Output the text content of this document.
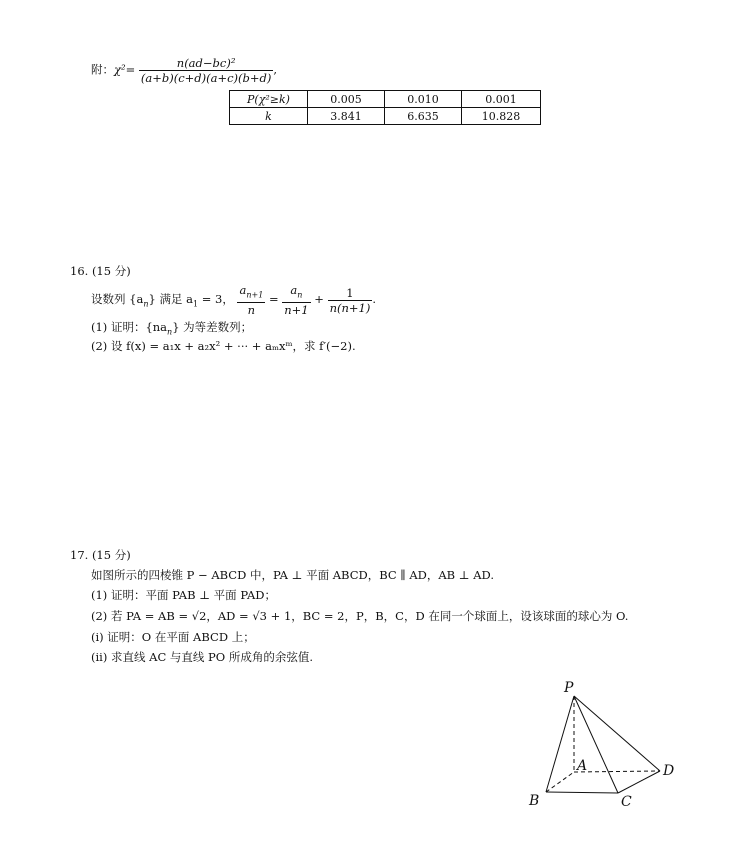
附：$\chi^2= \frac{\text{n(ad−bc)²}}{(a+b)(c+d)(a+c)(b+d)}$ ,
P(χ²≥k)	0.005	0.010	0.001
k	3.841	6.635	10.828
16. (15 分)
设数列 $\{a_n\}$ 满足 $a_1 = 3$， $\frac{a_{n+1}}{n} = \frac{a_n}{n+1} + \frac{1}{n(n+1)}$ .
(1) 证明：$\{na_n\}$ 为等差数列；
(2) 设 f(x) = a₁x + a₂x² + ··· + aₘxᵐ，求 f′(−2).
17. (15 分)
如图所示的四棱锥 P − ABCD 中，PA ⊥ 平面 ABCD，BC ∥ AD，AB ⊥ AD.
(1) 证明：平面 PAB ⊥ 平面 PAD；
(2) 若 PA = AB = √2，AD = √3 + 1，BC = 2，P，B，C，D 在同一个球面上，设该球面的球心为 O.
(i) 证明：O 在平面 ABCD 上；
(ii) 求直线 AC 与直线 PO 所成角的余弦值.
P
A
B	C
D
